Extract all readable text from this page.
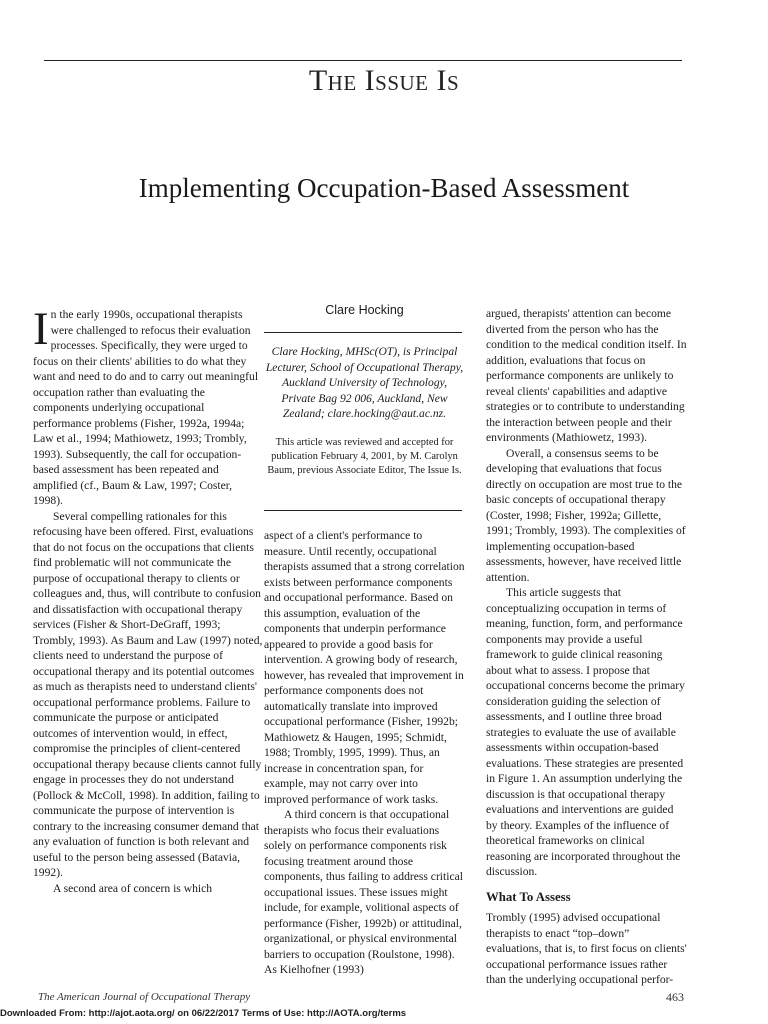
The Issue Is
Implementing Occupation-Based Assessment

In the early 1990s, occupational therapists were challenged to refocus their evaluation processes. Specifically, they were urged to focus on their clients' abilities to do what they want and need to do and to carry out meaningful occupation rather than evaluating the components underlying occupational performance problems (Fisher, 1992a, 1994a; Law et al., 1994; Mathiowetz, 1993; Trombly, 1993). Subsequently, the call for occupation-based assessment has been repeated and amplified (cf., Baum & Law, 1997; Coster, 1998).

Several compelling rationales for this refocusing have been offered. First, evaluations that do not focus on the occupations that clients find problematic will not communicate the purpose of occupational therapy to clients or colleagues and, thus, will contribute to confusion and dissatisfaction with occupational therapy services (Fisher & Short-DeGraff, 1993; Trombly, 1993). As Baum and Law (1997) noted, clients need to understand the purpose of occupational therapy and its potential outcomes as much as therapists need to understand clients' occupational performance problems. Failure to communicate the purpose or anticipated outcomes of intervention would, in effect, compromise the principles of client-centered occupational therapy because clients cannot fully engage in processes they do not understand (Pollock & McColl, 1998). In addition, failing to communicate the purpose of intervention is contrary to the increasing consumer demand that any evaluation of function is both relevant and useful to the person being assessed (Batavia, 1992).

A second area of concern is which

Clare Hocking
Clare Hocking, MHSc(OT), is Principal Lecturer, School of Occupational Therapy, Auckland University of Technology, Private Bag 92 006, Auckland, New Zealand; clare.hocking@aut.ac.nz.
This article was reviewed and accepted for publication February 4, 2001, by M. Carolyn Baum, previous Associate Editor, The Issue Is.

aspect of a client's performance to measure. Until recently, occupational therapists assumed that a strong correlation exists between performance components and occupational performance. Based on this assumption, evaluation of the components that underpin performance appeared to provide a good basis for intervention. A growing body of research, however, has revealed that improvement in performance components does not automatically translate into improved occupational performance (Fisher, 1992b; Mathiowetz & Haugen, 1995; Schmidt, 1988; Trombly, 1995, 1999). Thus, an increase in concentration span, for example, may not carry over into improved performance of work tasks.

A third concern is that occupational therapists who focus their evaluations solely on performance components risk focusing treatment around those components, thus failing to address critical occupational issues. These issues might include, for example, volitional aspects of performance (Fisher, 1992b) or attitudinal, organizational, or physical environmental barriers to occupation (Roulstone, 1998). As Kielhofner (1993)

argued, therapists' attention can become diverted from the person who has the condition to the medical condition itself. In addition, evaluations that focus on performance components are unlikely to reveal clients' capabilities and adaptive strategies or to contribute to understanding the interaction between people and their environments (Mathiowetz, 1993).

Overall, a consensus seems to be developing that evaluations that focus directly on occupation are most true to the basic concepts of occupational therapy (Coster, 1998; Fisher, 1992a; Gillette, 1991; Trombly, 1993). The complexities of implementing occupation-based assessments, however, have received little attention.

This article suggests that conceptualizing occupation in terms of meaning, function, form, and performance components may provide a useful framework to guide clinical reasoning about what to assess. I propose that occupational concerns become the primary consideration guiding the selection of assessments, and I outline three broad strategies to evaluate the use of available assessments within occupation-based evaluations. These strategies are presented in Figure 1. An assumption underlying the discussion is that occupational therapy evaluations and interventions are guided by theory. Examples of the influence of theoretical frameworks on clinical reasoning are incorporated throughout the discussion.

What To Assess

Trombly (1995) advised occupational therapists to enact “top–down” evaluations, that is, to first focus on clients' occupational performance issues rather than the underlying occupational perfor-

The American Journal of Occupational Therapy	463
Downloaded From: http://ajot.aota.org/ on 06/22/2017 Terms of Use: http://AOTA.org/terms
